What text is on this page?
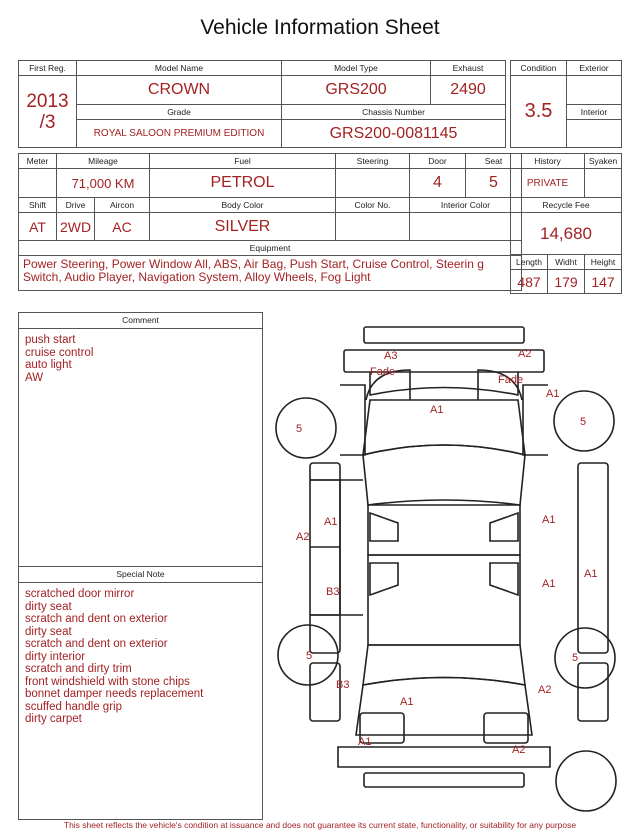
Vehicle Information Sheet
First Reg.	Model Name	Model Type	Exhaust

2013
/3	CROWN	GRS200	2490
	Grade	Chassis Number	
	ROYAL SALOON PREMIUM EDITION	GRS200-0081145	
Condition	Exterior
3.5	
	Interior

Meter	Mileage		Fuel	Steering	Door	Seat
	71,000 KM		PETROL		4	5
Shift	Drive	Aircon	Body Color	Color No.	Interior Color	
AT	2WD	AC	SILVER			
Equipment						
Power Steering, Power Window All, ABS, Air Bag, Push Start, Cruise Control, Steerin g Switch, Audio Player, Navigation System, Alloy Wheels, Fog Light						
History		Syaken
PRIVATE		
Recycle Fee		
14,680		
Length	Widht	Height
487	179	147
Comment
push start
cruise control
auto light
AW
Special Note
scratched door mirror
dirty seat
scratch and dent on exterior
dirty seat
scratch and dent on exterior
dirty interior
scratch and dirty trim
front windshield with stone chips
bonnet damper needs replacement
scuffed handle grip
dirty carpet
A3	A2
Fade
Fade
A1
A1
5
5
A2
A1	A1
B3
A1
A1
5	5
B3	A2
A1
A1
A2
This sheet reflects the vehicle's condition at issuance and does not guarantee its current state, functionality, or suitability for any purpose
